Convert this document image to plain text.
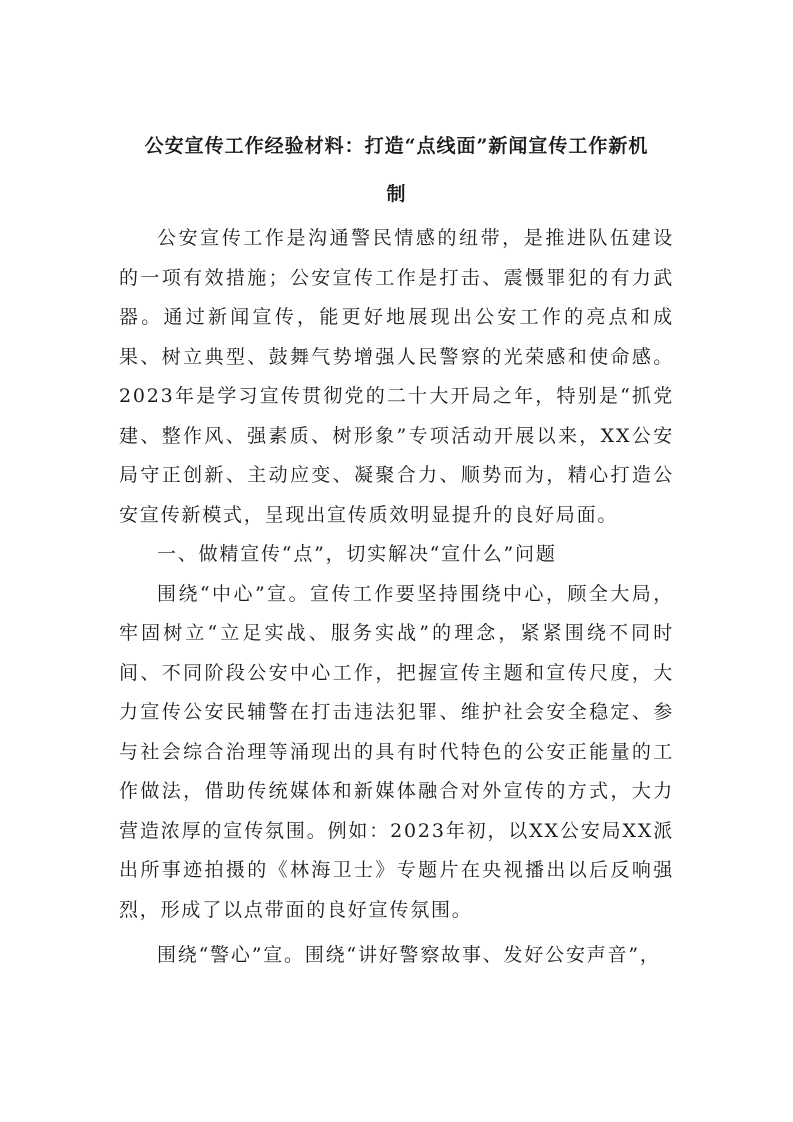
公安宣传工作经验材料：打造“点线面”新闻宣传工作新机
制

公安宣传工作是沟通警民情感的纽带，是推进队伍建设的一项有效措施；公安宣传工作是打击、震慑罪犯的有力武器。通过新闻宣传，能更好地展现出公安工作的亮点和成果、树立典型、鼓舞气势增强人民警察的光荣感和使命感。2023年是学习宣传贯彻党的二十大开局之年，特别是“抓党建、整作风、强素质、树形象”专项活动开展以来，XX公安局守正创新、主动应变、凝聚合力、顺势而为，精心打造公安宣传新模式，呈现出宣传质效明显提升的良好局面。

一、做精宣传“点”，切实解决“宣什么”问题

围绕“中心”宣。宣传工作要坚持围绕中心，顾全大局，牢固树立“立足实战、服务实战”的理念，紧紧围绕不同时间、不同阶段公安中心工作，把握宣传主题和宣传尺度，大力宣传公安民辅警在打击违法犯罪、维护社会安全稳定、参与社会综合治理等涌现出的具有时代特色的公安正能量的工作做法，借助传统媒体和新媒体融合对外宣传的方式，大力营造浓厚的宣传氛围。例如：2023年初，以XX公安局XX派出所事迹拍摄的《林海卫士》专题片在央视播出以后反响强烈，形成了以点带面的良好宣传氛围。

围绕“警心”宣。围绕“讲好警察故事、发好公安声音”，
